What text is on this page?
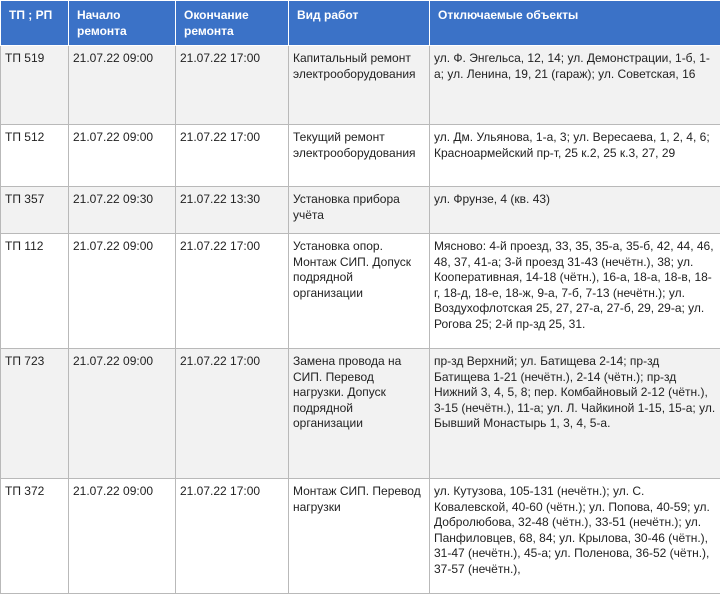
ТП ; РП	Начало ремонта	Окончание ремонта	Вид работ	Отключаемые объекты
ТП 519	21.07.22 09:00	21.07.22 17:00	Капитальный ремонт электрооборудования	ул. Ф. Энгельса, 12, 14; ул. Демонстрации, 1-б, 1-а; ул. Ленина, 19, 21 (гараж); ул. Советская, 16
ТП 512	21.07.22 09:00	21.07.22 17:00	Текущий ремонт электрооборудования	ул. Дм. Ульянова, 1-а, 3; ул. Вересаева, 1, 2, 4, 6; Красноармейский пр-т, 25 к.2, 25 к.3, 27, 29
ТП 357	21.07.22 09:30	21.07.22 13:30	Установка прибора учёта	ул. Фрунзе, 4 (кв. 43)
ТП 112	21.07.22 09:00	21.07.22 17:00	Установка опор. Монтаж СИП. Допуск подрядной организации	Мясново: 4-й проезд, 33, 35, 35-а, 35-б, 42, 44, 46, 48, 37, 41-а; 3-й проезд 31-43 (нечётн.), 38; ул. Кооперативная, 14-18 (чётн.), 16-а, 18-а, 18-в, 18-г, 18-д, 18-е, 18-ж, 9-а, 7-б, 7-13 (нечётн.); ул. Воздухофлотская 25, 27, 27-а, 27-б, 29, 29-а; ул. Рогова 25; 2-й пр-зд 25, 31.
ТП 723	21.07.22 09:00	21.07.22 17:00	Замена провода на СИП. Перевод нагрузки. Допуск подрядной организации	пр-зд Верхний; ул. Батищева 2-14; пр-зд Батищева 1-21 (нечётн.), 2-14 (чётн.); пр-зд Нижний 3, 4, 5, 8; пер. Комбайновый 2-12 (чётн.), 3-15 (нечётн.), 11-а; ул. Л. Чайкиной 1-15, 15-а; ул. Бывший Монастырь 1, 3, 4, 5-а.
ТП 372	21.07.22 09:00	21.07.22 17:00	Монтаж СИП. Перевод нагрузки	ул. Кутузова, 105-131 (нечётн.); ул. С. Ковалевской, 40-60 (чётн.); ул. Попова, 40-59; ул. Добролюбова, 32-48 (чётн.), 33-51 (нечётн.); ул. Панфиловцев, 68, 84; ул. Крылова, 30-46 (чётн.), 31-47 (нечётн.), 45-а; ул. Поленова, 36-52 (чётн.), 37-57 (нечётн.),
